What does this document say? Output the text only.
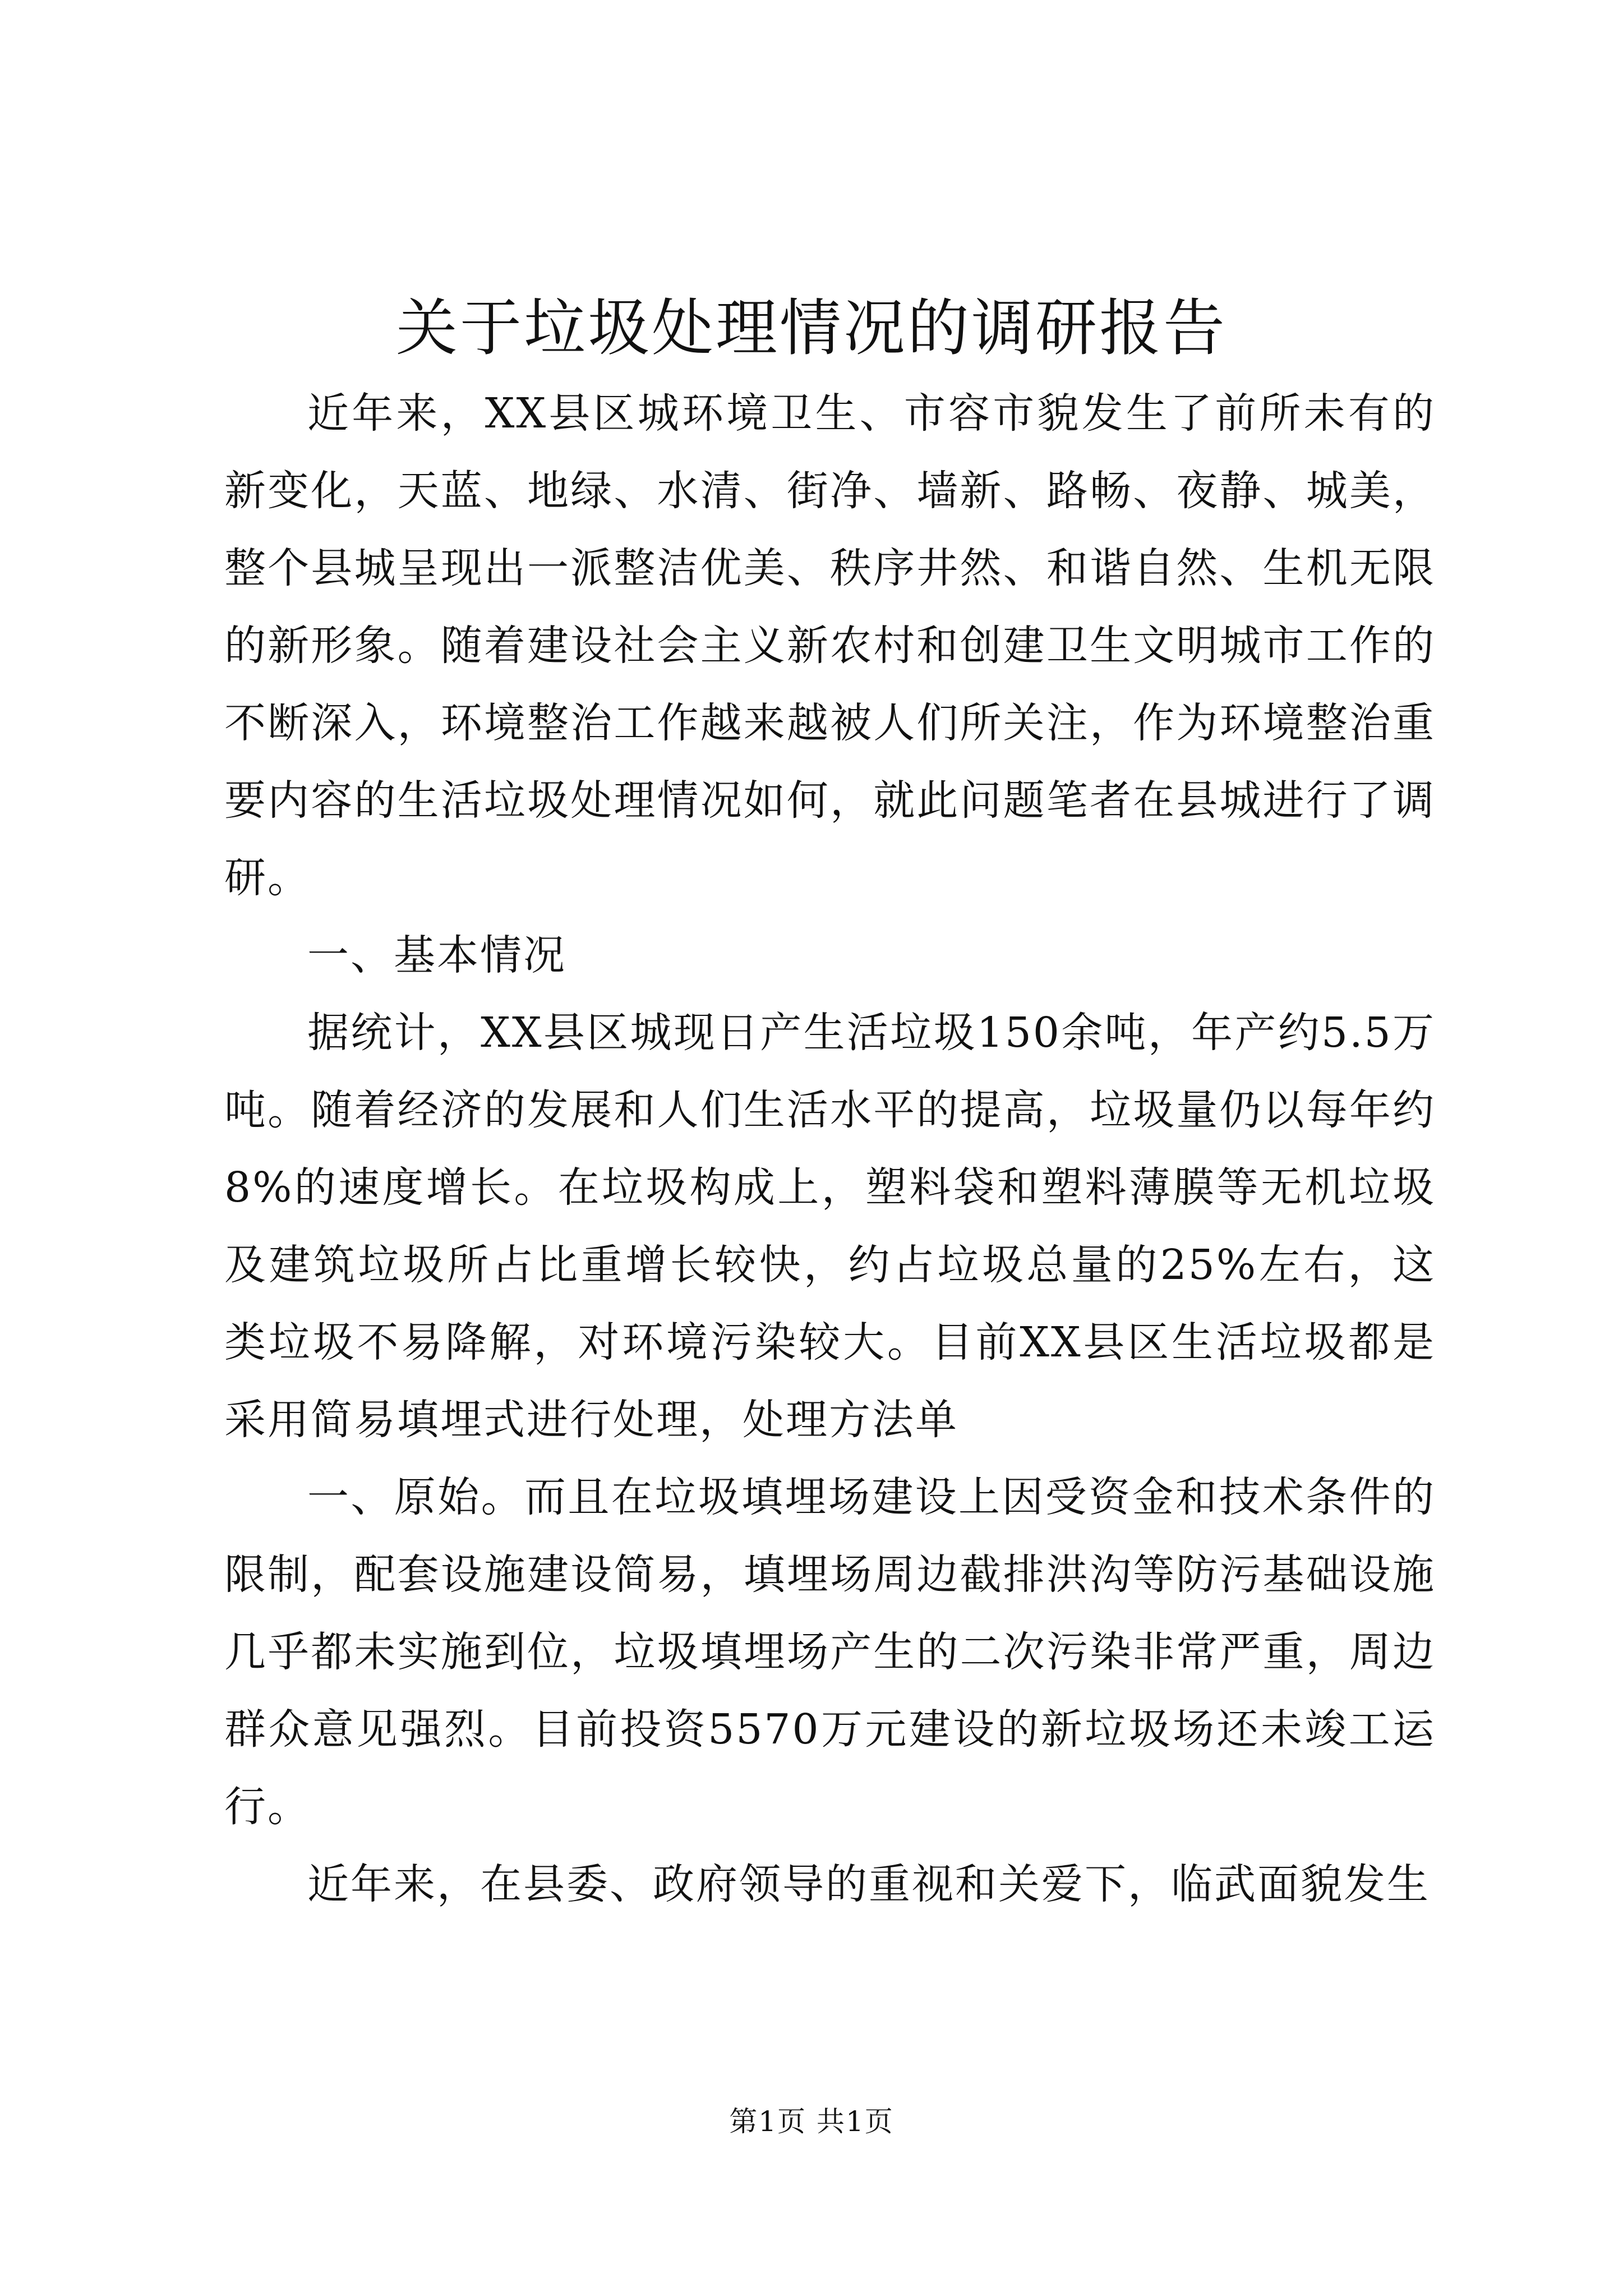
关于垃圾处理情况的调研报告

近年来，XX县区城环境卫生、市容市貌发生了前所未有的新变化，天蓝、地绿、水清、街净、墙新、路畅、夜静、城美，整个县城呈现出一派整洁优美、秩序井然、和谐自然、生机无限的新形象。随着建设社会主义新农村和创建卫生文明城市工作的不断深入，环境整治工作越来越被人们所关注，作为环境整治重要内容的生活垃圾处理情况如何，就此问题笔者在县城进行了调研。

一、基本情况

据统计，XX县区城现日产生活垃圾150余吨，年产约5.5万吨。随着经济的发展和人们生活水平的提高，垃圾量仍以每年约8%的速度增长。在垃圾构成上，塑料袋和塑料薄膜等无机垃圾及建筑垃圾所占比重增长较快，约占垃圾总量的25%左右，这类垃圾不易降解，对环境污染较大。目前XX县区生活垃圾都是采用简易填埋式进行处理，处理方法单

一、原始。而且在垃圾填埋场建设上因受资金和技术条件的限制，配套设施建设简易，填埋场周边截排洪沟等防污基础设施几乎都未实施到位，垃圾填埋场产生的二次污染非常严重，周边群众意见强烈。目前投资5570万元建设的新垃圾场还未竣工运行。

近年来，在县委、政府领导的重视和关爱下，临武面貌发生

第1页 共1页
